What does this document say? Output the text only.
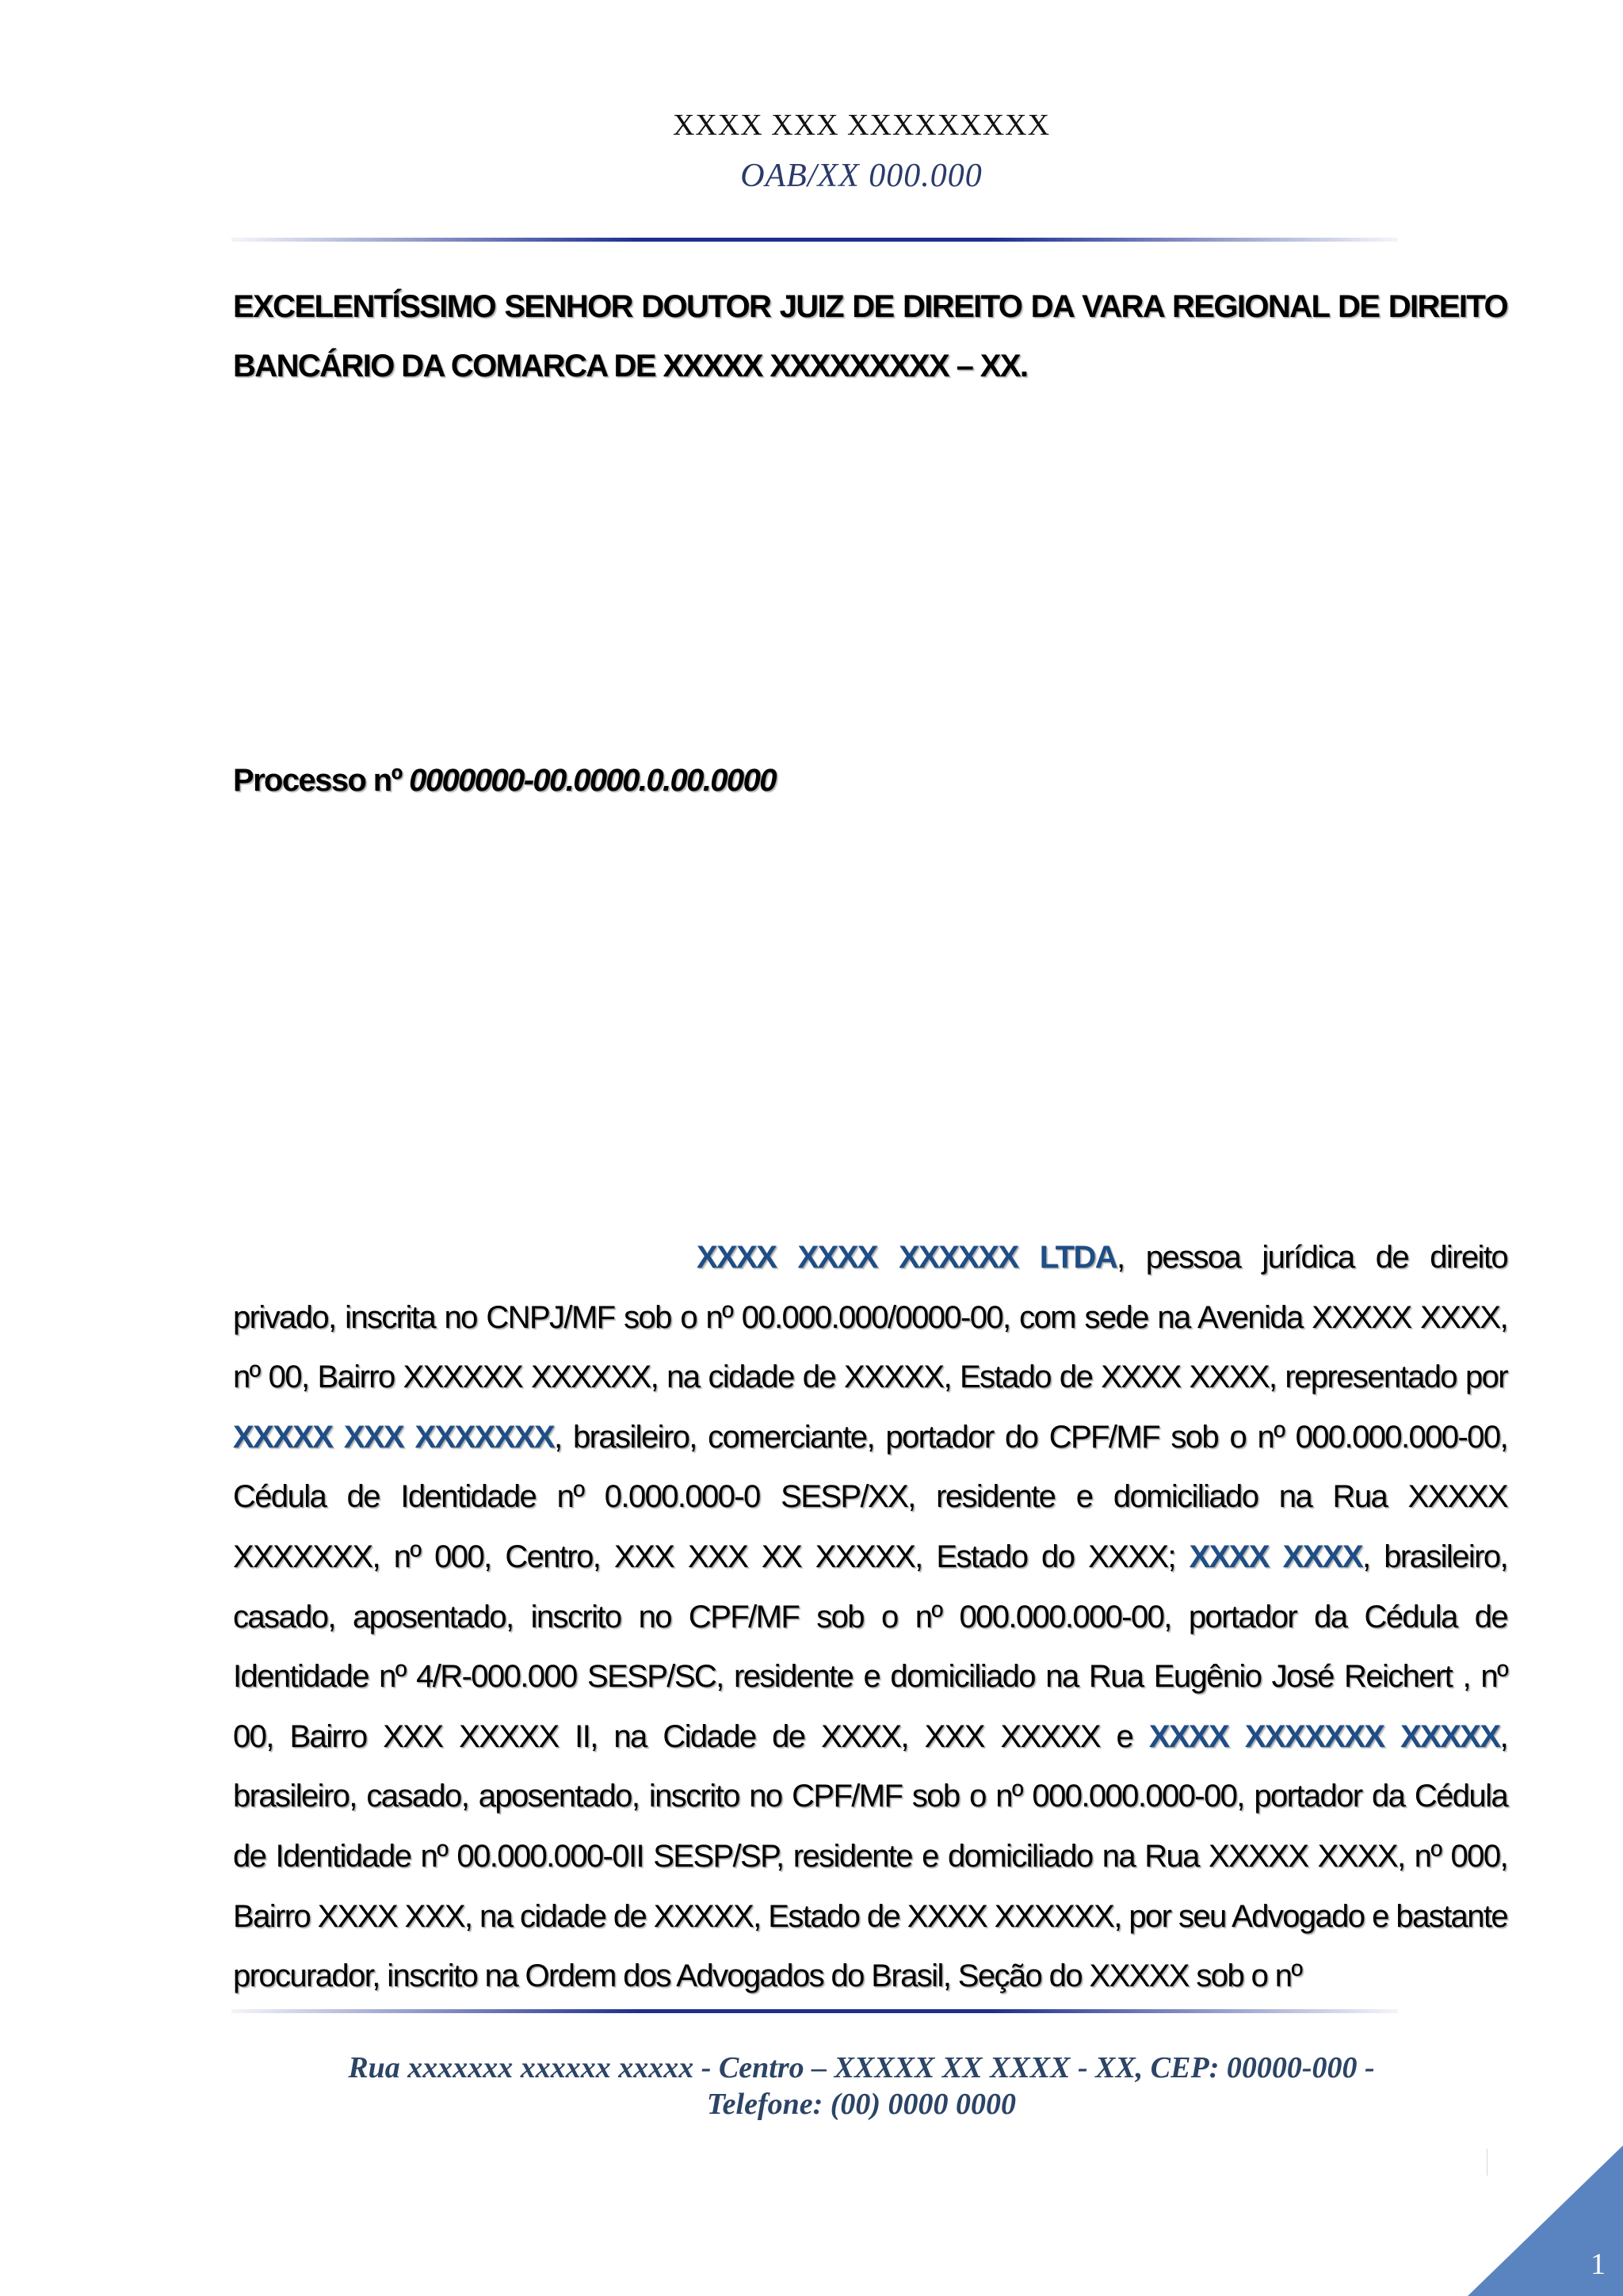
XXXX XXX XXXXXXXXX
OAB/XX 000.000
EXCELENTÍSSIMO SENHOR DOUTOR JUIZ DE DIREITO DA VARA REGIONAL DE DIREITO BANCÁRIO DA COMARCA DE XXXXX XXXXXXXXX – XX.
Processo nº 0000000-00.0000.0.00.0000
XXXX XXXX XXXXXX LTDA, pessoa jurídica de direito privado, inscrita no CNPJ/MF sob o nº 00.000.000/0000-00, com sede na Avenida XXXXX XXXX, nº 00, Bairro XXXXXX XXXXXX, na cidade de XXXXX, Estado de XXXX XXXX, representado por XXXXX XXX XXXXXXX, brasileiro, comerciante, portador do CPF/MF sob o nº 000.000.000-00, Cédula de Identidade nº 0.000.000-0 SESP/XX, residente e domiciliado na Rua XXXXX XXXXXXX, nº 000, Centro, XXX XXX XX XXXXX, Estado do XXXX; XXXX XXXX, brasileiro, casado, aposentado, inscrito no CPF/MF sob o nº 000.000.000-00, portador da Cédula de Identidade nº 4/R-000.000 SESP/SC, residente e domiciliado na Rua Eugênio José Reichert , nº 00, Bairro XXX XXXXX II, na Cidade de XXXX, XXX XXXXX e XXXX XXXXXXX XXXXX, brasileiro, casado, aposentado, inscrito no CPF/MF sob o nº 000.000.000-00, portador da Cédula de Identidade nº 00.000.000-0II SESP/SP, residente e domiciliado na Rua XXXXX XXXX, nº 000, Bairro XXXX XXX, na cidade de XXXXX, Estado de XXXX XXXXXX, por seu Advogado e bastante procurador, inscrito na Ordem dos Advogados do Brasil, Seção do XXXXX sob o nº
Rua xxxxxxx xxxxxx xxxxx - Centro – XXXXX XX XXXX - XX, CEP: 00000-000 -
Telefone: (00) 0000 0000
1
